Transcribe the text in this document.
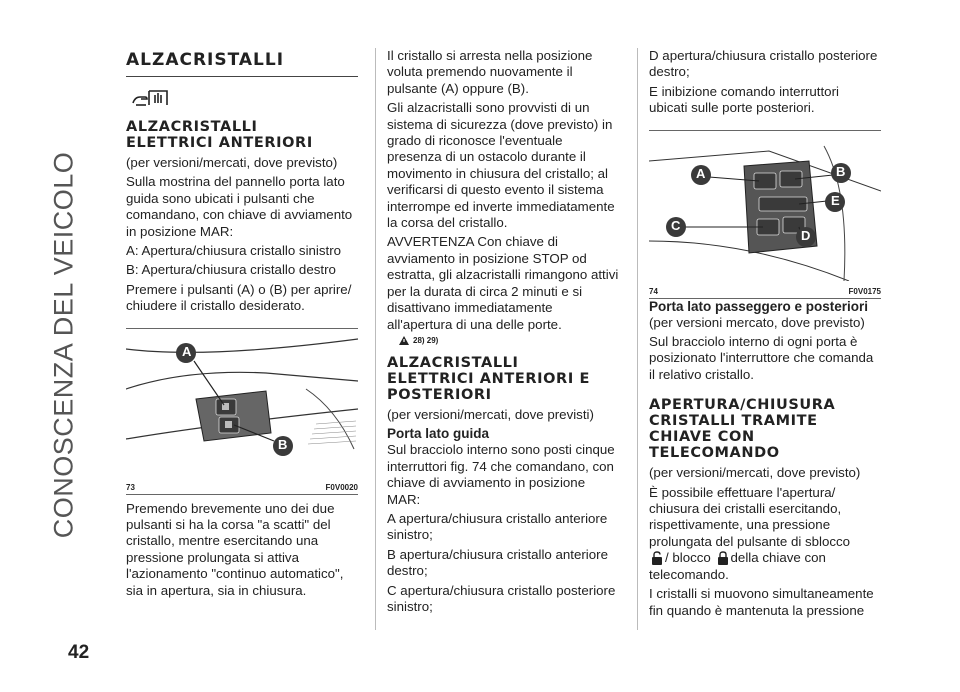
CONOSCENZA DEL VEICOLO
42
ALZACRISTALLI
ALZACRISTALLI
ELETTRICI ANTERIORI

(per versioni/mercati, dove previsto)

Sulla mostrina del pannello porta lato guida sono ubicati i pulsanti che comandano, con chiave di avviamento in posizione MAR:

A: Apertura/chiusura cristallo sinistro

B: Apertura/chiusura cristallo destro

Premere i pulsanti (A) o (B) per aprire/ chiudere il cristallo desiderato.

A
B
73	F0V0020

Premendo brevemente uno dei due pulsanti si ha la corsa "a scatti" del cristallo, mentre esercitando una pressione prolungata si attiva l'azionamento "continuo automatico", sia in apertura, sia in chiusura.

Il cristallo si arresta nella posizione voluta premendo nuovamente il pulsante (A) oppure (B).

Gli alzacristalli sono provvisti di un sistema di sicurezza (dove previsto) in grado di riconosce l'eventuale presenza di un ostacolo durante il movimento in chiusura del cristallo; al verificarsi di questo evento il sistema interrompe ed inverte immediatamente la corsa del cristallo.

AVVERTENZA Con chiave di avviamento in posizione STOP od estratta, gli alzacristalli rimangono attivi per la durata di circa 2 minuti e si disattivano immediatamente all'apertura di una delle porte.

28) 29)
ALZACRISTALLI
ELETTRICI ANTERIORI E
POSTERIORI

(per versioni/mercati, dove previsti)

Porta lato guida

Sul bracciolo interno sono posti cinque interruttori fig. 74 che comandano, con chiave di avviamento in posizione MAR:

A apertura/chiusura cristallo anteriore sinistro;

B apertura/chiusura cristallo anteriore destro;

C apertura/chiusura cristallo posteriore sinistro;

D apertura/chiusura cristallo posteriore destro;

E inibizione comando interruttori ubicati sulle porte posteriori.

A	B
C
D
E
74	F0V0175
Porta lato passeggero e posteriori

(per versioni mercato, dove previsto)

Sul bracciolo interno di ogni porta è posizionato l'interruttore che comanda il relativo cristallo.

APERTURA/CHIUSURA
CRISTALLI TRAMITE
CHIAVE CON
TELECOMANDO

(per versioni/mercati, dove previsto)

È possibile effettuare l'apertura/ chiusura dei cristalli esercitando, rispettivamente, una pressione prolungata del pulsante di sblocco
/ blocco della chiave con
telecomando.

I cristalli si muovono simultaneamente fin quando è mantenuta la pressione
